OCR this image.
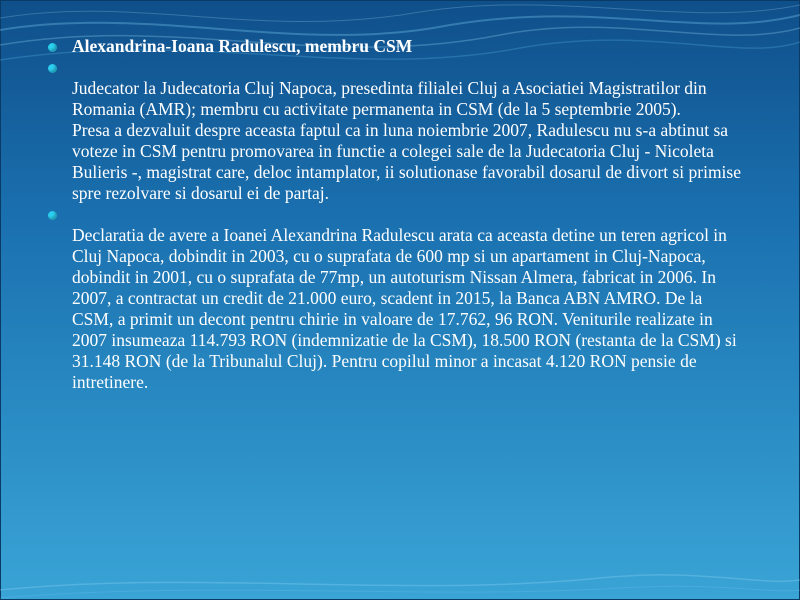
Alexandrina-Ioana Radulescu, membru CSM

Judecator la Judecatoria Cluj Napoca, presedinta filialei Cluj a Asociatiei Magistratilor din Romania (AMR); membru cu activitate permanenta in CSM (de la 5 septembrie 2005).

Presa a dezvaluit despre aceasta faptul ca in luna noiembrie 2007, Radulescu nu s-a abtinut sa voteze in CSM pentru promovarea in functie a colegei sale de la Judecatoria Cluj - Nicoleta Bulieris -, magistrat care, deloc intamplator, ii solutionase favorabil dosarul de divort si primise spre rezolvare si dosarul ei de partaj.

Declaratia de avere a Ioanei Alexandrina Radulescu arata ca aceasta detine un teren agricol in Cluj Napoca, dobindit in 2003, cu o suprafata de 600 mp si un apartament in Cluj-Napoca, dobindit in 2001, cu o suprafata de 77mp, un autoturism Nissan Almera, fabricat in 2006. In 2007, a contractat un credit de 21.000 euro, scadent in 2015, la Banca ABN AMRO. De la CSM, a primit un decont pentru chirie in valoare de 17.762, 96 RON. Veniturile realizate in 2007 insumeaza 114.793 RON (indemnizatie de la CSM), 18.500 RON (restanta de la CSM) si 31.148 RON (de la Tribunalul Cluj). Pentru copilul minor a incasat 4.120 RON pensie de intretinere.
